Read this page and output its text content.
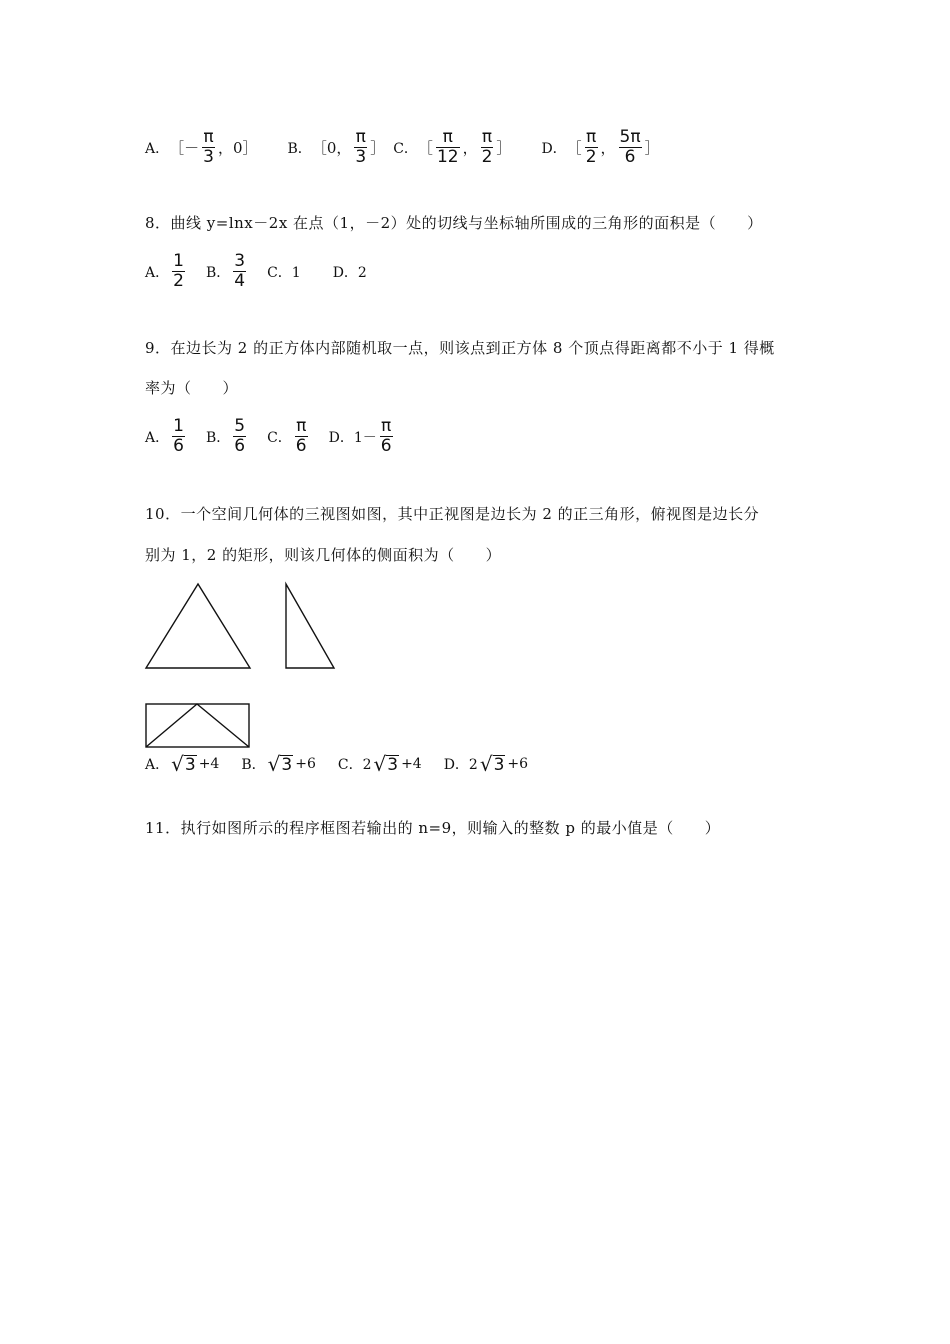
A． ［－ $\frac{\pi}{3}$ ，0］ B． ［0， $\frac{\pi}{3}$ ］ C． ［ $\frac{\pi}{12}$ ， $\frac{\pi}{2}$ ］ D． ［ $\frac{\pi}{2}$ ， $\frac{5\pi}{6}$ ］
8．曲线 y=lnx－2x 在点（1，－2）处的切线与坐标轴所围成的三角形的面积是（　　）
A． $\frac{1}{2}$ B． $\frac{3}{4}$ C．1 D．2
9．在边长为 2 的正方体内部随机取一点，则该点到正方体 8 个顶点得距离都不小于 1 得概
率为（　　）
A． $\frac{1}{6}$ B． $\frac{5}{6}$ C． $\frac{\pi}{6}$ D．$1- \frac{\pi}{6}$
10．一个空间几何体的三视图如图，其中正视图是边长为 2 的正三角形，俯视图是边长分
别为 1，2 的矩形，则该几何体的侧面积为（　　）
A． √ 3 +4 B． √ 3 +6 C．2 √ 3 +4 D．2 √ 3 +6
11．执行如图所示的程序框图若输出的 n=9，则输入的整数 p 的最小值是（　　）
